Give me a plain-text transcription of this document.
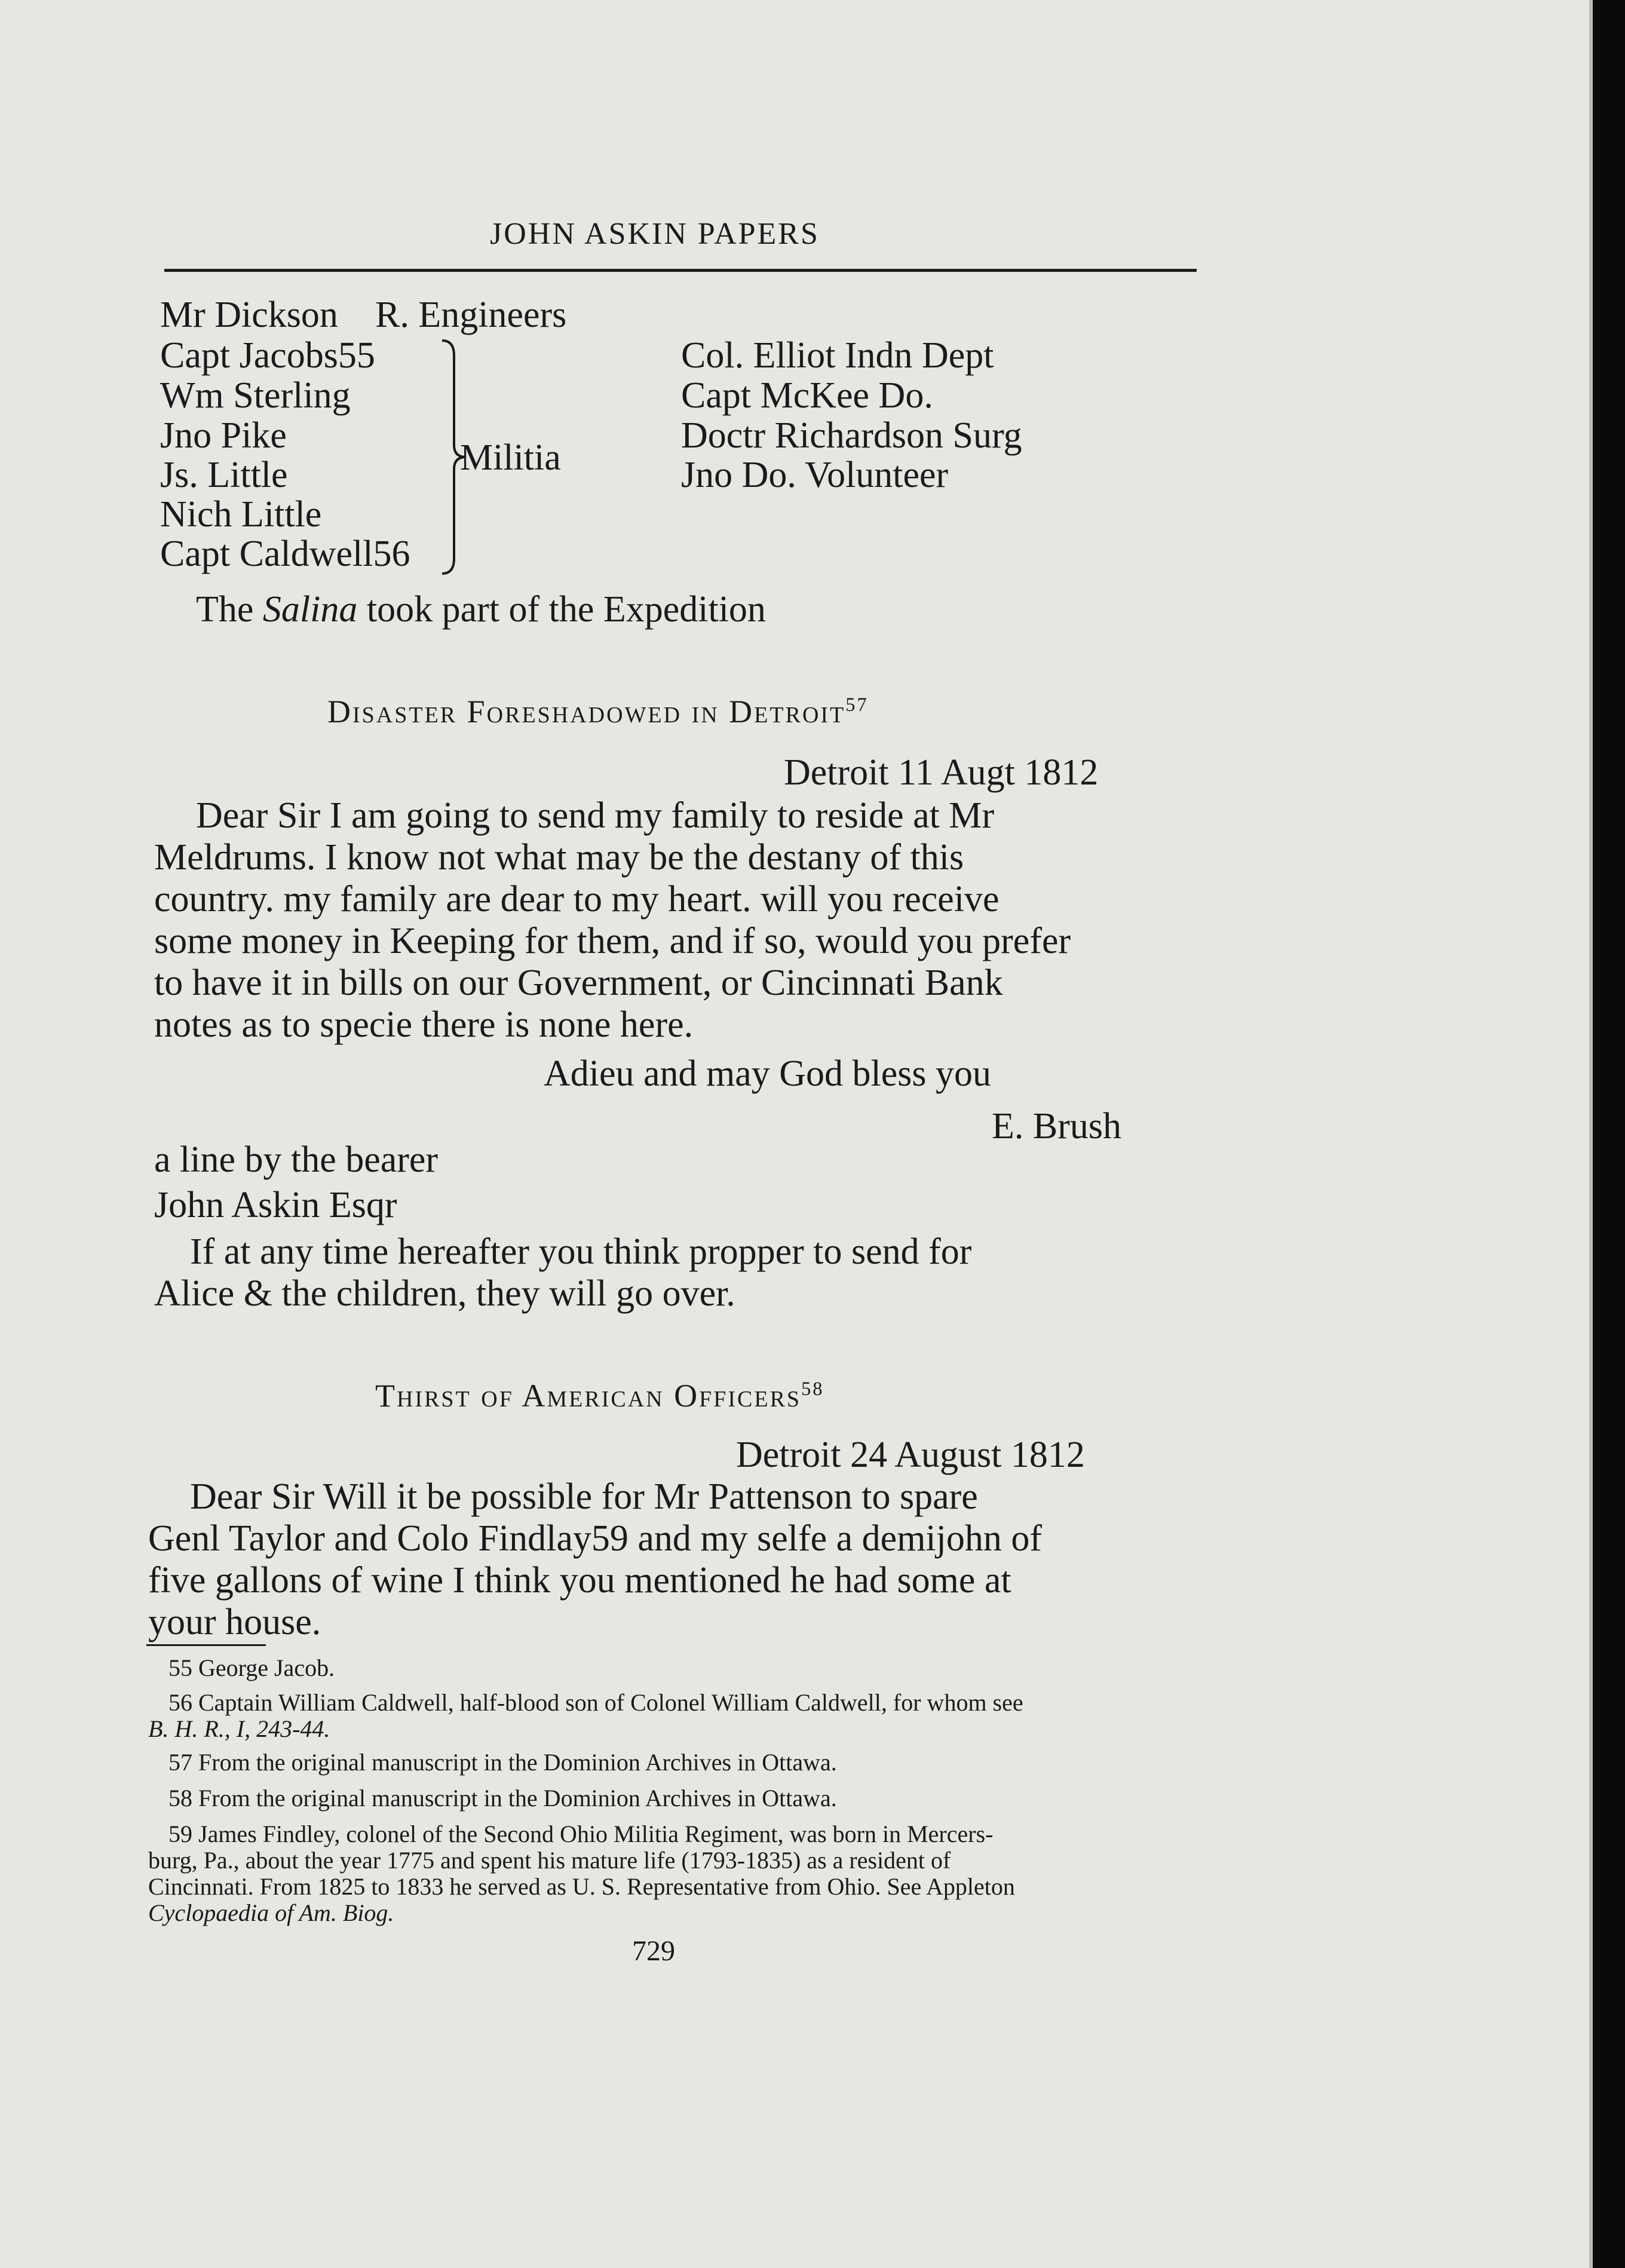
JOHN ASKIN PAPERS
Mr Dickson R. Engineers
Capt Jacobs55
Wm Sterling
Jno Pike
Js. Little
Nich Little
Capt Caldwell56
Militia
Col. Elliot Indn Dept
Capt McKee Do.
Doctr Richardson Surg
Jno Do. Volunteer
The Salina took part of the Expedition
Disaster Foreshadowed in Detroit$^{57}$
Detroit 11 Augt 1812
Dear Sir I am going to send my family to reside at Mr
Meldrums. I know not what may be the destany of this
country. my family are dear to my heart. will you receive
some money in Keeping for them, and if so, would you prefer
to have it in bills on our Government, or Cincinnati Bank
notes as to specie there is none here.
Adieu and may God bless you
E. Brush
a line by the bearer
John Askin Esqr
If at any time hereafter you think propper to send for
Alice & the children, they will go over.
Thirst of American Officers$^{58}$
Detroit 24 August 1812
Dear Sir Will it be possible for Mr Pattenson to spare
Genl Taylor and Colo Findlay59 and my selfe a demijohn of
five gallons of wine I think you mentioned he had some at
your house.
55 George Jacob.
56 Captain William Caldwell, half-blood son of Colonel William Caldwell, for whom see
B. H. R., I, 243-44.
57 From the original manuscript in the Dominion Archives in Ottawa.
58 From the original manuscript in the Dominion Archives in Ottawa.
59 James Findley, colonel of the Second Ohio Militia Regiment, was born in Mercers-
burg, Pa., about the year 1775 and spent his mature life (1793-1835) as a resident of
Cincinnati. From 1825 to 1833 he served as U. S. Representative from Ohio. See Appleton
Cyclopaedia of Am. Biog.
729
